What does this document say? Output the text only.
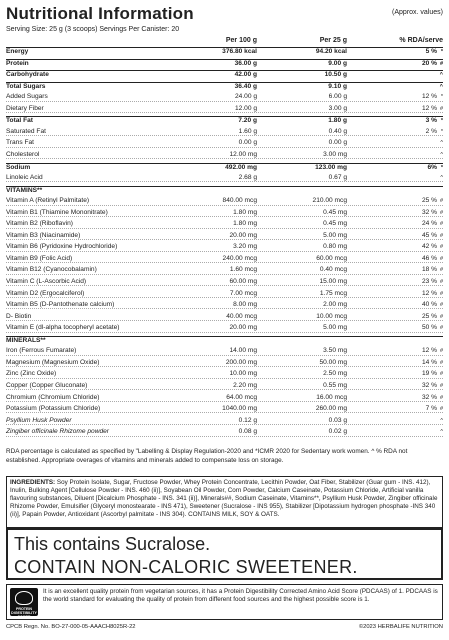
Nutritional Information	(Approx. values)
Serving Size: 25 g (3 scoops) Servings Per Canister: 20
Per 100 g	Per 25 g	% RDA/serve
Energy	376.80 kcal	94.20 kcal	5 % *
Protein	36.00 g	9.00 g	20 % #
Carbohydrate	42.00 g	10.50 g	^
Total Sugars	36.40 g	9.10 g	^
Added Sugars	24.00 g	6.00 g	12 % *
Dietary Fiber	12.00 g	3.00 g	12 % #
Total Fat	7.20 g	1.80 g	3 % *
Saturated Fat	1.60 g	0.40 g	2 % *
Trans Fat	0.00 g	0.00 g	^
Cholesterol	12.00 mg	3.00 mg	^
Sodium	492.00 mg	123.00 mg	6% *
Linoleic Acid	2.68 g	0.67 g	^
VITAMINS**
Vitamin A (Retinyl Palmitate)	840.00 mcg	210.00 mcg	25 % #
Vitamin B1 (Thiamine Mononitrate)	1.80 mg	0.45 mg	32 % #
Vitamin B2 (Riboflavin)	1.80 mg	0.45 mg	24 % #
Vitamin B3 (Niacinamide)	20.00 mg	5.00 mg	45 % #
Vitamin B6 (Pyridoxine Hydrochloride)	3.20 mg	0.80 mg	42 % #
Vitamin B9 (Folic Acid)	240.00 mcg	60.00 mcg	46 % #
Vitamin B12 (Cyanocobalamin)	1.60 mcg	0.40 mcg	18 % #
Vitamin C (L-Ascorbic Acid)	60.00 mg	15.00 mg	23 % #
Vitamin D2 (Ergocalciferol)	7.00 mcg	1.75 mcg	12 % #
Vitamin B5 (D-Pantothenate calcium)	8.00 mg	2.00 mg	40 % #
D- Biotin	40.00 mcg	10.00 mcg	25 % #
Vitamin E (dl-alpha tocopheryl acetate)	20.00 mg	5.00 mg	50 % #
MINERALS**
Iron (Ferrous Fumarate)	14.00 mg	3.50 mg	12 % #
Magnesium (Magnesium Oxide)	200.00 mg	50.00 mg	14 % #
Zinc (Zinc Oxide)	10.00 mg	2.50 mg	19 % #
Copper (Copper Gluconate)	2.20 mg	0.55 mg	32 % #
Chromium (Chromium Chloride)	64.00 mcg	16.00 mcg	32 % #
Potassium (Potassium Chloride)	1040.00 mg	260.00 mg	7 % #
Psyllium Husk Powder	0.12 g	0.03 g	^
Zingiber officinale Rhizome powder	0.08 g	0.02 g	^
RDA percentage is calculated as specified by "Labelling & Display Regulation-2020 and *ICMR 2020 for Sedentary work women. ^ % RDA not established. Appropriate overages of vitamins and minerals added to compensate loss on storage.
INGREDIENTS: Soy Protein Isolate, Sugar, Fructose Powder, Whey Protein Concentrate, Lecithin Powder, Oat Fiber, Stabilizer (Guar gum - INS. 412), Inulin, Bulking Agent [Cellulose Powder - INS. 460 (ii)], Soyabean Oil Powder, Corn Powder, Calcium Caseinate, Potassium Chloride, Artificial vanilla flavouring substances, Diluent [Dicalcium Phosphate - INS. 341 (ii)], Minerals##, Sodium Caseinate, Vitamins**, Psyllium Husk Powder, Zingiber officinale Rhizome Powder, Emulsifier (Glyceryl monostearate - INS 471), Sweetener (Sucralose - INS 955), Stabilizer [Dipotassium hydrogen phosphate -INS 340 (ii)], Papain Powder, Antioxidant (Ascorbyl palmitate - INS 304). CONTAINS MILK, SOY & OATS.
This contains Sucralose.
CONTAIN NON-CALORIC SWEETENER.
PROTEIN DIGESTIBILITY SCORE
It is an excellent quality protein from vegetarian sources, it has a Protein Digestibility Corrected Amino Acid Score (PDCAAS) of 1. PDCAAS is the world standard for evaluating the quality of protein from different food sources and the highest possible score is 1.
CPCB Regn. No. BO-27-000-05-AAACH8025R-22	©2023 HERBALIFE NUTRITION
